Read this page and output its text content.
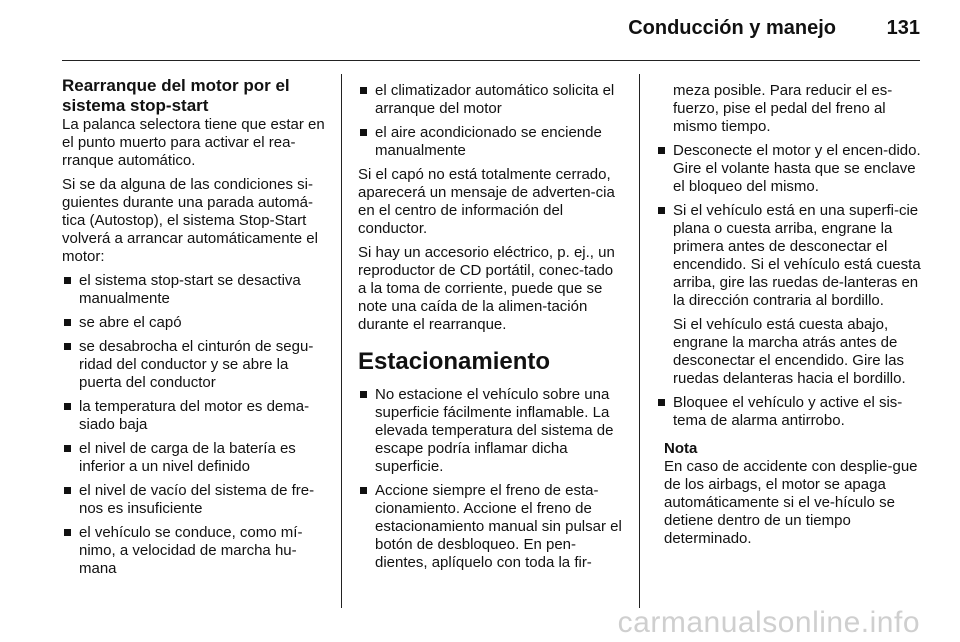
Conducción y manejo	131
Rearranque del motor por el sistema stop-start

La palanca selectora tiene que estar en el punto muerto para activar el rea-rranque automático.

Si se da alguna de las condiciones si-guientes durante una parada automá-tica (Autostop), el sistema Stop-Start volverá a arrancar automáticamente el motor:

el sistema stop-start se desactiva manualmente
se abre el capó
se desabrocha el cinturón de segu-ridad del conductor y se abre la puerta del conductor
la temperatura del motor es dema-siado baja
el nivel de carga de la batería es inferior a un nivel definido
el nivel de vacío del sistema de fre-nos es insuficiente
el vehículo se conduce, como mí-nimo, a velocidad de marcha hu-mana
el climatizador automático solicita el arranque del motor
el aire acondicionado se enciende manualmente

Si el capó no está totalmente cerrado, aparecerá un mensaje de adverten-cia en el centro de información del conductor.

Si hay un accesorio eléctrico, p. ej., un reproductor de CD portátil, conec-tado a la toma de corriente, puede que se note una caída de la alimen-tación durante el rearranque.

Estacionamiento
No estacione el vehículo sobre una superficie fácilmente inflamable. La elevada temperatura del sistema de escape podría inflamar dicha superficie.
Accione siempre el freno de esta-cionamiento. Accione el freno de estacionamiento manual sin pulsar el botón de desbloqueo. En pen-dientes, aplíquelo con toda la fir-

meza posible. Para reducir el es-fuerzo, pise el pedal del freno al mismo tiempo.

Desconecte el motor y el encen-dido. Gire el volante hasta que se enclave el bloqueo del mismo.
Si el vehículo está en una superfi-cie plana o cuesta arriba, engrane la primera antes de desconectar el encendido. Si el vehículo está cuesta arriba, gire las ruedas de-lanteras en la dirección contraria al bordillo.

Si el vehículo está cuesta abajo, engrane la marcha atrás antes de desconectar el encendido. Gire las ruedas delanteras hacia el bordillo.

Bloquee el vehículo y active el sis-tema de alarma antirrobo.
Nota
En caso de accidente con desplie-gue de los airbags, el motor se apaga automáticamente si el ve-hículo se detiene dentro de un tiempo determinado.
carmanualsonline.info
